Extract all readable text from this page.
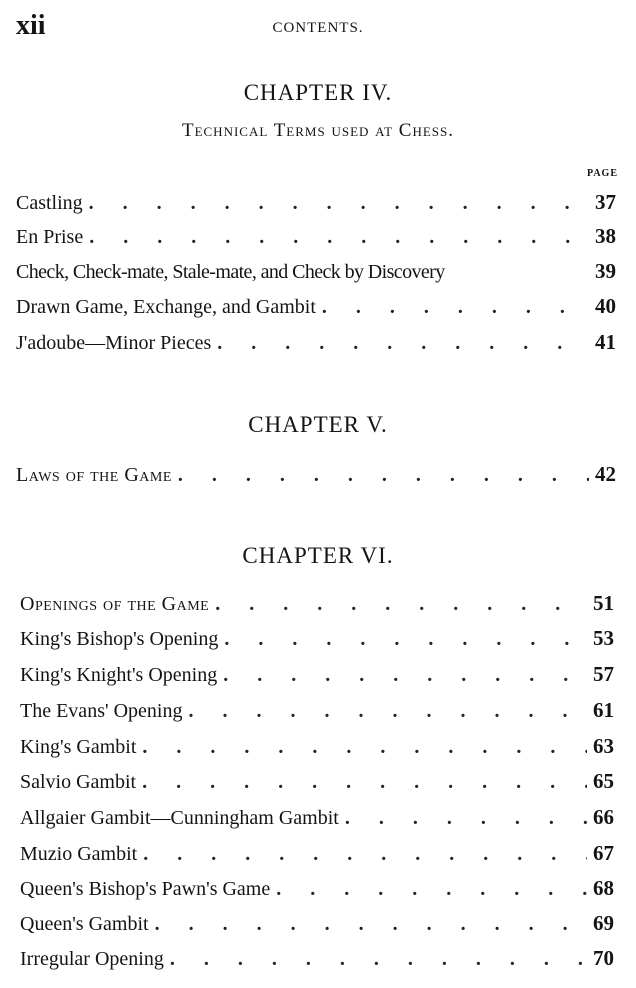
xii	CONTENTS.
CHAPTER IV.
Technical Terms used at Chess.
PAGE
Castling . . .	37
En Prise . . .	38
Check, Check-mate, Stale-mate, and Check by Discovery	39
Drawn Game, Exchange, and Gambit . . .	40
J'adoube—Minor Pieces . . .	41
CHAPTER V.
Laws of the Game . . .	42
CHAPTER VI.
Openings of the Game . . .	51
King's Bishop's Opening . . .	53
King's Knight's Opening . . .	57
The Evans' Opening . . .	61
King's Gambit . . .	63
Salvio Gambit . . .	65
Allgaier Gambit—Cunningham Gambit . . .	66
Muzio Gambit . . .	67
Queen's Bishop's Pawn's Game . . .	68
Queen's Gambit . . .	69
Irregular Opening . . .	70
